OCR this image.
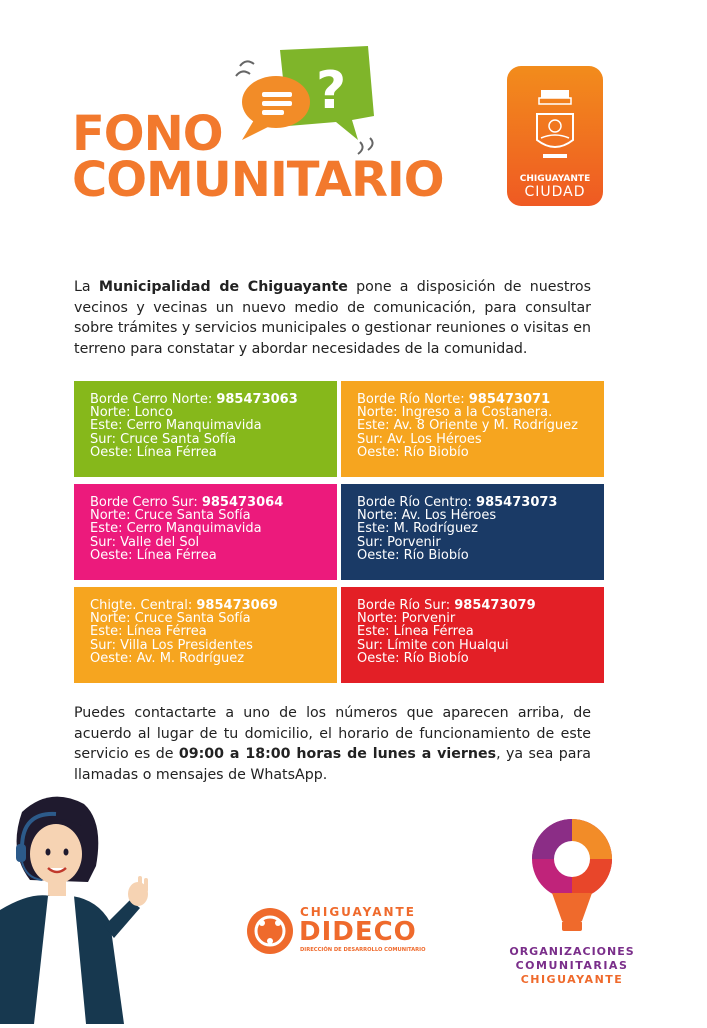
?
FONO
COMUNITARIO	CHIGUAYANTE
CIUDAD
La Municipalidad de Chiguayante pone a disposición de nuestros vecinos y vecinas un nuevo medio de comunicación, para consultar sobre trámites y servicios municipales o gestionar reuniones o visitas en terreno para constatar y abordar necesidades de la comunidad.
Borde Cerro Norte: 985473063
Norte: Lonco
Este: Cerro Manquimavida
Sur: Cruce Santa Sofía
Oeste: Línea Férrea
Borde Río Norte: 985473071
Norte: Ingreso a la Costanera.
Este: Av. 8 Oriente y M. Rodríguez
Sur: Av. Los Héroes
Oeste: Río Biobío
Borde Cerro Sur: 985473064
Norte: Cruce Santa Sofía
Este: Cerro Manquimavida
Sur: Valle del Sol
Oeste: Línea Férrea
Borde Río Centro: 985473073
Norte: Av. Los Héroes
Este: M. Rodríguez
Sur: Porvenir
Oeste: Río Biobío
Chigte. Central: 985473069
Norte: Cruce Santa Sofía
Este: Línea Férrea
Sur: Villa Los Presidentes
Oeste: Av. M. Rodríguez
Borde Río Sur: 985473079
Norte: Porvenir
Este: Línea Férrea
Sur: Límite con Hualqui
Oeste: Río Biobío
Puedes contactarte a uno de los números que aparecen arriba, de acuerdo al lugar de tu domicilio, el horario de funcionamiento de este servicio es de 09:00 a 18:00 horas de lunes a viernes, ya sea para llamadas o mensajes de WhatsApp.
CHIGUAYANTE
DIDECO
DIRECCIÓN DE DESARROLLO COMUNITARIO	ORGANIZACIONES
COMUNITARIAS
CHIGUAYANTE
